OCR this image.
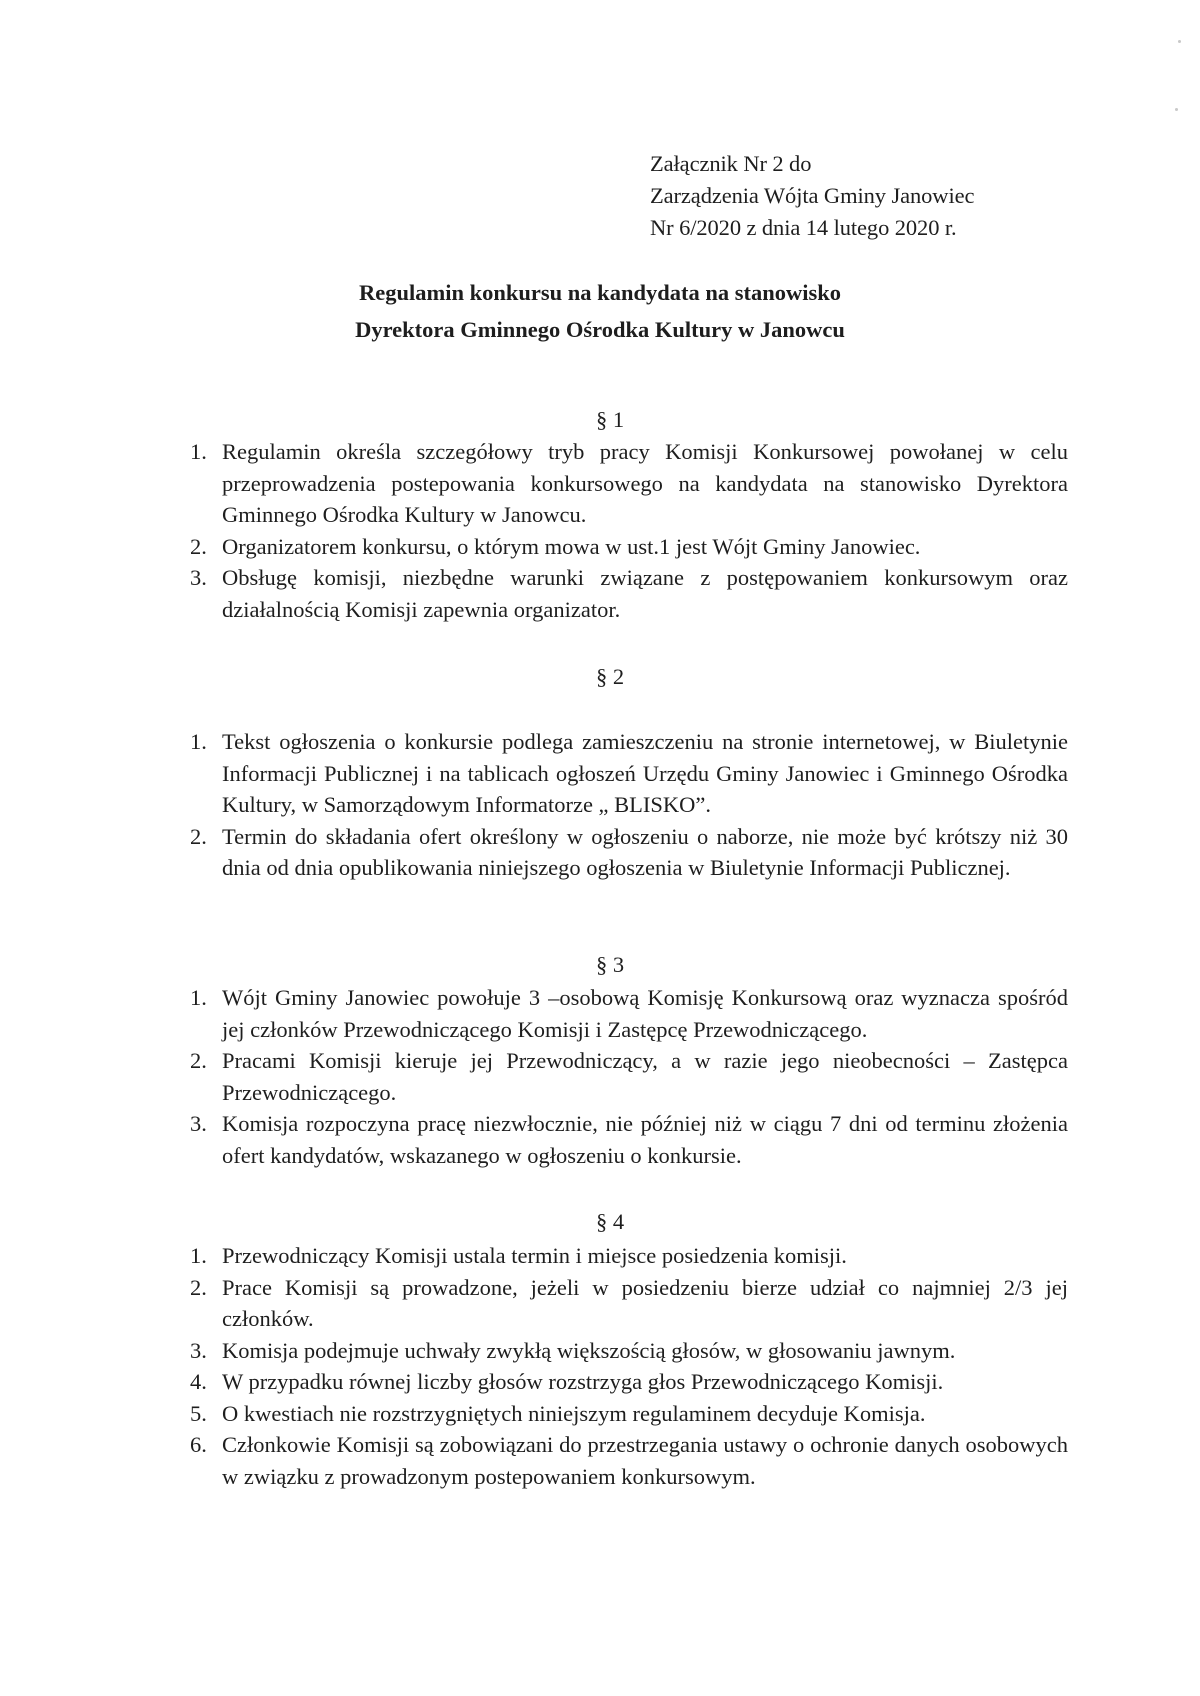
Załącznik Nr 2 do
Zarządzenia Wójta Gminy Janowiec
Nr 6/2020 z dnia 14 lutego 2020 r.
Regulamin konkursu na kandydata na stanowisko
Dyrektora Gminnego Ośrodka Kultury w Janowcu
§ 1
1. Regulamin określa szczegółowy tryb pracy Komisji Konkursowej powołanej w celu przeprowadzenia postepowania konkursowego na kandydata na stanowisko Dyrektora Gminnego Ośrodka Kultury w Janowcu.
2. Organizatorem konkursu, o którym mowa w ust.1 jest Wójt Gminy Janowiec.
3. Obsługę komisji, niezbędne warunki związane z postępowaniem konkursowym oraz działalnością Komisji zapewnia organizator.
§ 2
1. Tekst ogłoszenia o konkursie podlega zamieszczeniu na stronie internetowej, w Biuletynie Informacji Publicznej i na tablicach ogłoszeń Urzędu Gminy Janowiec i Gminnego Ośrodka Kultury, w Samorządowym Informatorze „ BLISKO”.
2. Termin do składania ofert określony w ogłoszeniu o naborze, nie może być krótszy niż 30 dnia od dnia opublikowania niniejszego ogłoszenia w Biuletynie Informacji Publicznej.
§ 3
1. Wójt Gminy Janowiec powołuje 3 –osobową Komisję Konkursową oraz wyznacza spośród jej członków Przewodniczącego Komisji i Zastępcę Przewodniczącego.
2. Pracami Komisji kieruje jej Przewodniczący, a w razie jego nieobecności – Zastępca Przewodniczącego.
3. Komisja rozpoczyna pracę niezwłocznie, nie później niż w ciągu 7 dni od terminu złożenia ofert kandydatów, wskazanego w ogłoszeniu o konkursie.
§ 4
1. Przewodniczący Komisji ustala termin i miejsce posiedzenia komisji.
2. Prace Komisji są prowadzone, jeżeli w posiedzeniu bierze udział co najmniej 2/3 jej członków.
3. Komisja podejmuje uchwały zwykłą większością głosów, w głosowaniu jawnym.
4. W przypadku równej liczby głosów rozstrzyga głos Przewodniczącego Komisji.
5. O kwestiach nie rozstrzygniętych niniejszym regulaminem decyduje Komisja.
6. Członkowie Komisji są zobowiązani do przestrzegania ustawy o ochronie danych osobowych w związku z prowadzonym postepowaniem konkursowym.
